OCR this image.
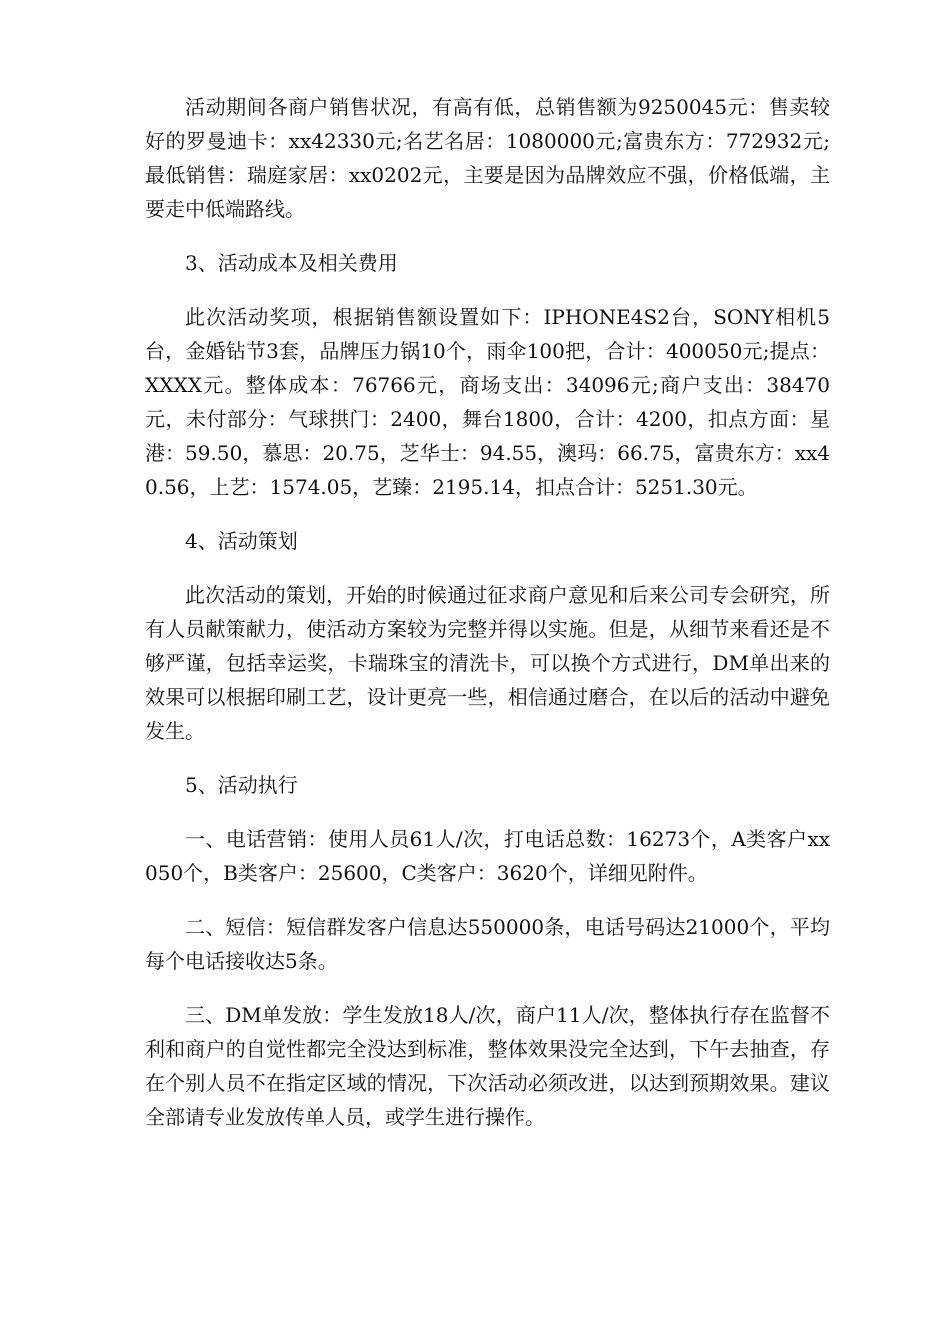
活动期间各商户销售状况，有高有低，总销售额为9250045元：售卖较好的罗曼迪卡：xx42330元;名艺名居：1080000元;富贵东方：772932元;最低销售：瑞庭家居：xx0202元，主要是因为品牌效应不强，价格低端，主要走中低端路线。

3、活动成本及相关费用

此次活动奖项，根据销售额设置如下：IPHONE4S2台，SONY相机5台，金婚钻节3套，品牌压力锅10个，雨伞100把，合计：400050元;提点：XXXX元。整体成本：76766元，商场支出：34096元;商户支出：38470元，未付部分：气球拱门：2400，舞台1800，合计：4200，扣点方面：星港：59.50，慕思：20.75，芝华士：94.55，澳玛：66.75，富贵东方：xx40.56，上艺：1574.05，艺臻：2195.14，扣点合计：5251.30元。

4、活动策划

此次活动的策划，开始的时候通过征求商户意见和后来公司专会研究，所有人员献策献力，使活动方案较为完整并得以实施。但是，从细节来看还是不够严谨，包括幸运奖，卡瑞珠宝的清洗卡，可以换个方式进行，DM单出来的效果可以根据印刷工艺，设计更亮一些，相信通过磨合，在以后的活动中避免发生。

5、活动执行

一、电话营销：使用人员61人/次，打电话总数：16273个，A类客户xx050个，B类客户：25600，C类客户：3620个，详细见附件。

二、短信：短信群发客户信息达550000条，电话号码达21000个，平均每个电话接收达5条。

三、DM单发放：学生发放18人/次，商户11人/次，整体执行存在监督不利和商户的自觉性都完全没达到标准，整体效果没完全达到，下午去抽查，存在个别人员不在指定区域的情况，下次活动必须改进，以达到预期效果。建议全部请专业发放传单人员，或学生进行操作。
